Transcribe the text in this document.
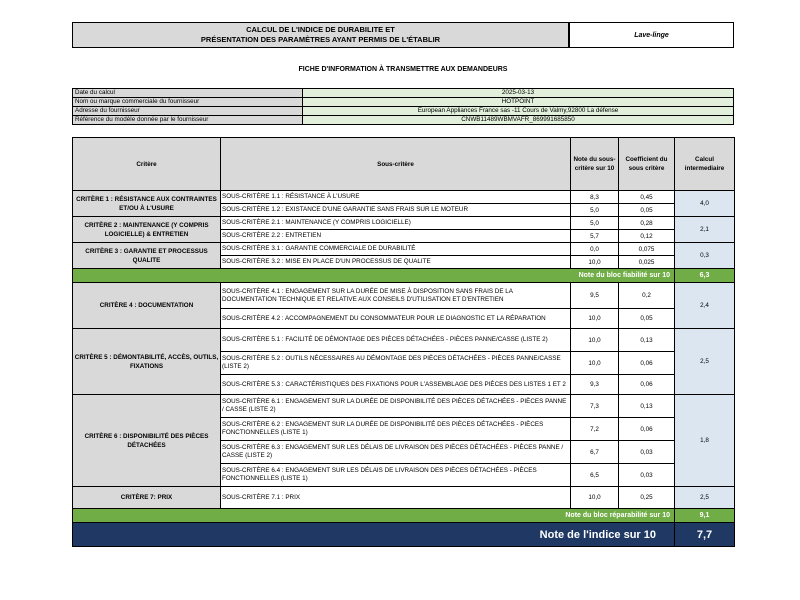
CALCUL DE L'INDICE DE DURABILITE ET
PRÉSENTATION DES PARAMÈTRES AYANT PERMIS DE L'ÉTABLIR	Lave-linge
FICHE D'INFORMATION À TRANSMETTRE AUX DEMANDEURS
Date du calcul	2025-03-13
Nom ou marque commerciale du fournisseur	HOTPOINT
Adresse du fournisseur	European Appliances France sas -11 Cours de Valmy,92800 La défense
Référence du modèle donnée par le fournisseur	CNWB11489WBMVAFR_869991685850
Critère	Sous-critère	Note du sous-critère sur 10	Coefficient du sous critère	Calcul intermediaire
CRITÈRE 1 : RÉSISTANCE AUX CONTRAINTES ET/OU À L'USURE	SOUS-CRITÈRE 1.1 : RÉSISTANCE À L'USURE	8,3	0,45	4,0
	SOUS-CRITÈRE 1.2 : EXISTANCE D'UNE GARANTIE SANS FRAIS SUR LE MOTEUR	5,0	0,05	
CRITÈRE 2 : MAINTENANCE (Y COMPRIS LOGICIELLE) & ENTRETIEN	SOUS-CRITÈRE 2.1 : MAINTENANCE (Y COMPRIS LOGICIELLE)	5,0	0,28	2,1
	SOUS-CRITÈRE 2.2 : ENTRETIEN	5,7	0,12	
CRITÈRE 3 : GARANTIE ET PROCESSUS QUALITE	SOUS-CRITÈRE 3.1 : GARANTIE COMMERCIALE DE DURABILITÉ	0,0	0,075	0,3
	SOUS-CRITÈRE 3.2 : MISE EN PLACE D'UN PROCESSUS DE QUALITE	10,0	0,025	
Note du bloc fiabilité sur 10				6,3
CRITÈRE 4 : DOCUMENTATION	SOUS-CRITÈRE 4.1 : ENGAGEMENT SUR LA DURÉE DE MISE À DISPOSITION SANS FRAIS DE LA DOCUMENTATION TECHNIQUE ET RELATIVE AUX CONSEILS D'UTILISATION ET D'ENTRETIEN	9,5	0,2	2,4
	SOUS-CRITÈRE 4.2 : ACCOMPAGNEMENT DU CONSOMMATEUR POUR LE DIAGNOSTIC ET LA RÉPARATION	10,0	0,05	
CRITÈRE 5 : DÉMONTABILITÉ, ACCÈS, OUTILS, FIXATIONS	SOUS-CRITÈRE 5.1 : FACILITÉ DE DÉMONTAGE DES PIÈCES DÉTACHÉES - PIÈCES PANNE/CASSE (LISTE 2)	10,0	0,13	2,5
	SOUS-CRITÈRE 5.2 : OUTILS NÉCESSAIRES AU DÉMONTAGE DES PIÈCES DÉTACHÉES - PIÈCES PANNE/CASSE (LISTE 2)	10,0	0,06	
	SOUS-CRITÈRE 5.3 : CARACTÉRISTIQUES DES FIXATIONS POUR L'ASSEMBLAGE DES PIÈCES DES LISTES 1 ET 2	9,3	0,06	
CRITÈRE 6 : DISPONIBILITÉ DES PIÈCES DÉTACHÉES	SOUS-CRITÈRE 6.1 : ENGAGEMENT SUR LA DURÉE DE DISPONIBILITÉ DES PIÈCES DÉTACHÉES - PIÈCES PANNE / CASSE (LISTE 2)	7,3	0,13	1,8
	SOUS-CRITÈRE 6.2 : ENGAGEMENT SUR LA DURÉE DE DISPONIBILITÉ DES PIÈCES DÉTACHÉES - PIÈCES FONCTIONNELLES (LISTE 1)	7,2	0,06	
	SOUS-CRITÈRE 6.3 : ENGAGEMENT SUR LES DÉLAIS DE LIVRAISON DES PIÈCES DÉTACHÉES - PIÈCES PANNE / CASSE (LISTE 2)	6,7	0,03	
	SOUS-CRITÈRE 6.4 : ENGAGEMENT SUR LES DÉLAIS DE LIVRAISON DES PIÈCES DÉTACHÉES - PIÈCES FONCTIONNELLES (LISTE 1)	6,5	0,03	
CRITÈRE 7: PRIX	SOUS-CRITÈRE 7.1 : PRIX	10,0	0,25	2,5
Note du bloc réparabilité sur 10				9,1
Note de l'indice sur 10				7,7
